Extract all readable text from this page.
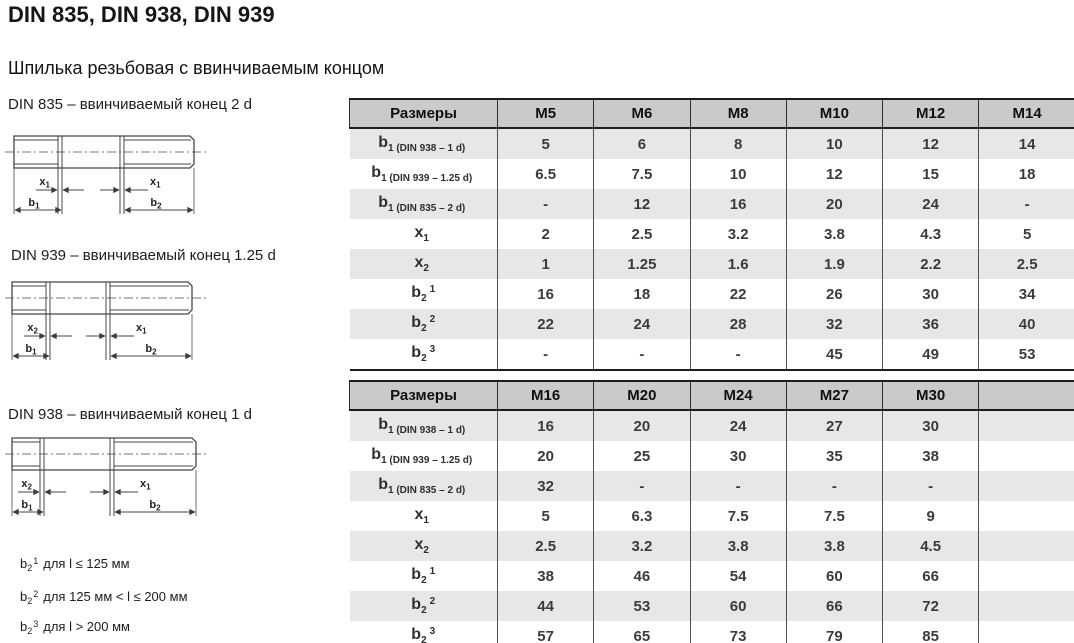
DIN 835, DIN 938, DIN 939
Шпилька резьбовая с ввинчиваемым концом
DIN 835 – ввинчиваемый конец 2 d
$x_1$	$x_1$
$b_1$	$b_2$
DIN 939 – ввинчиваемый конец 1.25 d
$x_2$	$x_1$
$b_1$	$b_2$
DIN 938 – ввинчиваемый конец 1 d
$x_2$	$x_1$
$b_1$	$b_2$
$b_2^1$ для l ≤ 125 мм
$b_2^2$ для 125 мм < l ≤ 200 мм
$b_2^3$ для l > 200 мм
Размеры	M5	M6	M8	M10	M12	M14
$b_{1 (DIN 938 - 1 d)}$	5	6	8	10	12	14
$b_{1 (DIN 939 - 1.25 d)}$	6.5	7.5	10	12	15	18
$b_{1 (DIN 835 - 2 d)}$	-	12	16	20	24	-
$x_1$	2	2.5	3.2	3.8	4.3	5
$x_2$	1	1.25	1.6	1.9	2.2	2.5
$b_2^1$	16	18	22	26	30	34
$b_2^2$	22	24	28	32	36	40
$b_2^3$	-	-	-	45	49	53
Размеры	M16	M20	M24	M27	M30	
$b_{1 (DIN 938 - 1 d)}$	16	20	24	27	30	
$b_{1 (DIN 939 - 1.25 d)}$	20	25	30	35	38	
$b_{1 (DIN 835 - 2 d)}$	32	-	-	-	-	
$x_1$	5	6.3	7.5	7.5	9	
$x_2$	2.5	3.2	3.8	3.8	4.5	
$b_2^1$	38	46	54	60	66	
$b_2^2$	44	53	60	66	72	
$b_2^3$	57	65	73	79	85	
